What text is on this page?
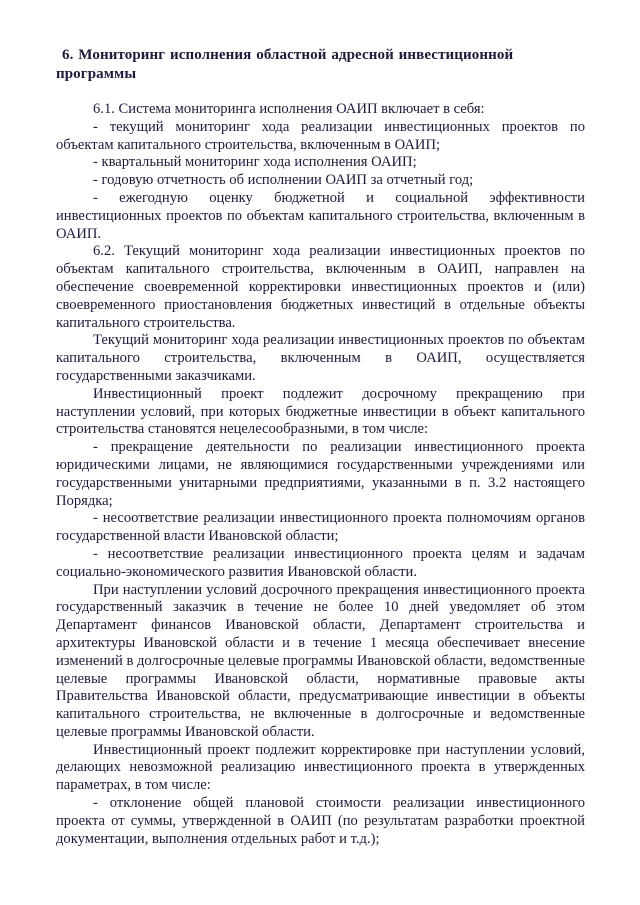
6. Мониторинг исполнения областной адресной инвестиционной программы

6.1. Система мониторинга исполнения ОАИП включает в себя:

- текущий мониторинг хода реализации инвестиционных проектов по объектам капитального строительства, включенным в ОАИП;

- квартальный мониторинг хода исполнения ОАИП;

- годовую отчетность об исполнении ОАИП за отчетный год;

- ежегодную оценку бюджетной и социальной эффективности инвестиционных проектов по объектам капитального строительства, включенным в ОАИП.

6.2. Текущий мониторинг хода реализации инвестиционных проектов по объектам капитального строительства, включенным в ОАИП, направлен на обеспечение своевременной корректировки инвестиционных проектов и (или) своевременного приостановления бюджетных инвестиций в отдельные объекты капитального строительства.

Текущий мониторинг хода реализации инвестиционных проектов по объектам капитального строительства, включенным в ОАИП, осуществляется государственными заказчиками.

Инвестиционный проект подлежит досрочному прекращению при наступлении условий, при которых бюджетные инвестиции в объект капитального строительства становятся нецелесообразными, в том числе:

- прекращение деятельности по реализации инвестиционного проекта юридическими лицами, не являющимися государственными учреждениями или государственными унитарными предприятиями, указанными в п. 3.2 настоящего Порядка;

- несоответствие реализации инвестиционного проекта полномочиям органов государственной власти Ивановской области;

- несоответствие реализации инвестиционного проекта целям и задачам социально-экономического развития Ивановской области.

При наступлении условий досрочного прекращения инвестиционного проекта государственный заказчик в течение не более 10 дней уведомляет об этом Департамент финансов Ивановской области, Департамент строительства и архитектуры Ивановской области и в течение 1 месяца обеспечивает внесение изменений в долгосрочные целевые программы Ивановской области, ведомственные целевые программы Ивановской области, нормативные правовые акты Правительства Ивановской области, предусматривающие инвестиции в объекты капитального строительства, не включенные в долгосрочные и ведомственные целевые программы Ивановской области.

Инвестиционный проект подлежит корректировке при наступлении условий, делающих невозможной реализацию инвестиционного проекта в утвержденных параметрах, в том числе:

- отклонение общей плановой стоимости реализации инвестиционного проекта от суммы, утвержденной в ОАИП (по результатам разработки проектной документации, выполнения отдельных работ и т.д.);
